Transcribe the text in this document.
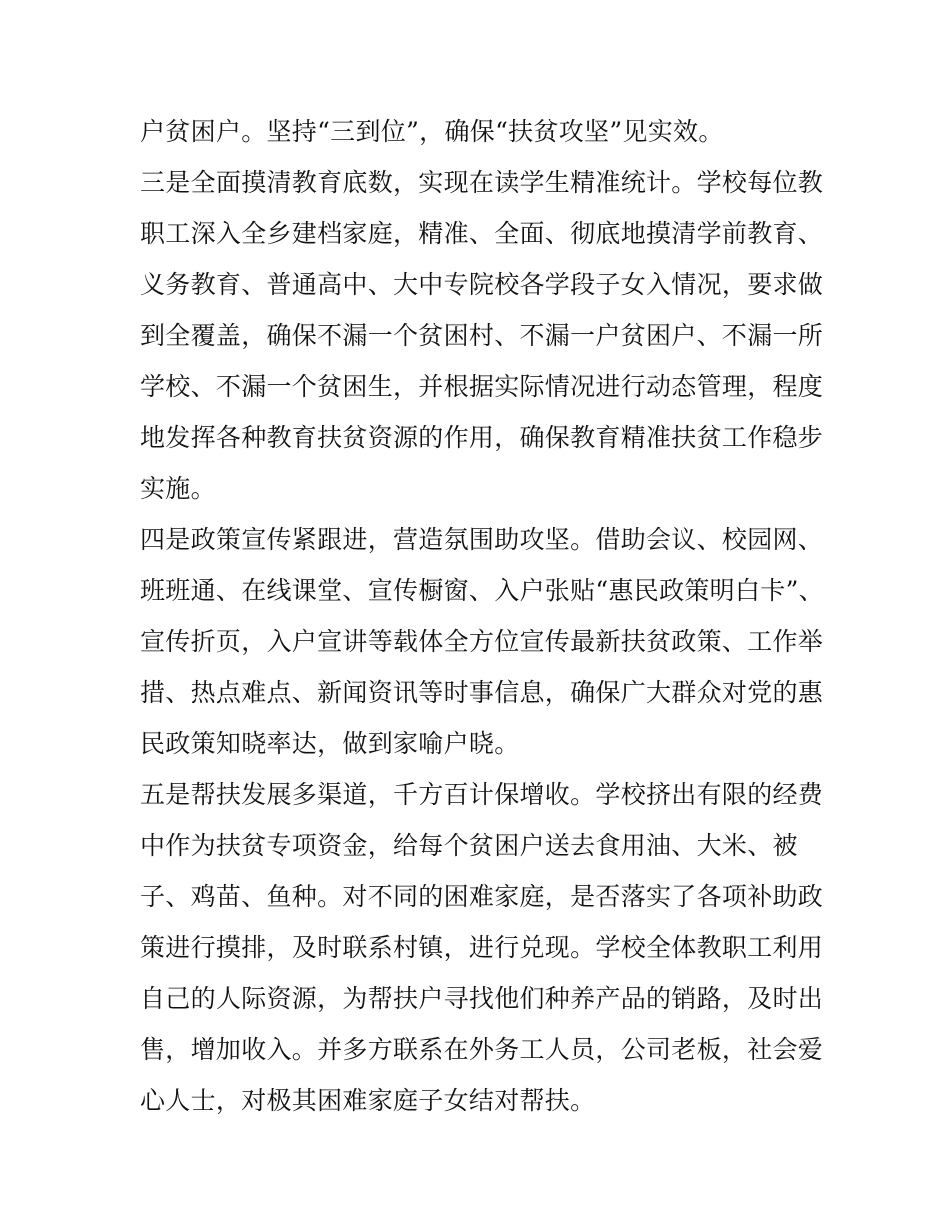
户贫困户。坚持“三到位”，确保“扶贫攻坚”见实效。
三是全面摸清教育底数，实现在读学生精准统计。学校每位教
职工深入全乡建档家庭，精准、全面、彻底地摸清学前教育、
义务教育、普通高中、大中专院校各学段子女入情况，要求做
到全覆盖，确保不漏一个贫困村、不漏一户贫困户、不漏一所
学校、不漏一个贫困生，并根据实际情况进行动态管理，程度
地发挥各种教育扶贫资源的作用，确保教育精准扶贫工作稳步
实施。
四是政策宣传紧跟进，营造氛围助攻坚。借助会议、校园网、
班班通、在线课堂、宣传橱窗、入户张贴“惠民政策明白卡”、
宣传折页，入户宣讲等载体全方位宣传最新扶贫政策、工作举
措、热点难点、新闻资讯等时事信息，确保广大群众对党的惠
民政策知晓率达，做到家喻户晓。
五是帮扶发展多渠道，千方百计保增收。学校挤出有限的经费
中作为扶贫专项资金，给每个贫困户送去食用油、大米、被
子、鸡苗、鱼种。对不同的困难家庭，是否落实了各项补助政
策进行摸排，及时联系村镇，进行兑现。学校全体教职工利用
自己的人际资源，为帮扶户寻找他们种养产品的销路，及时出
售，增加收入。并多方联系在外务工人员，公司老板，社会爱
心人士，对极其困难家庭子女结对帮扶。
